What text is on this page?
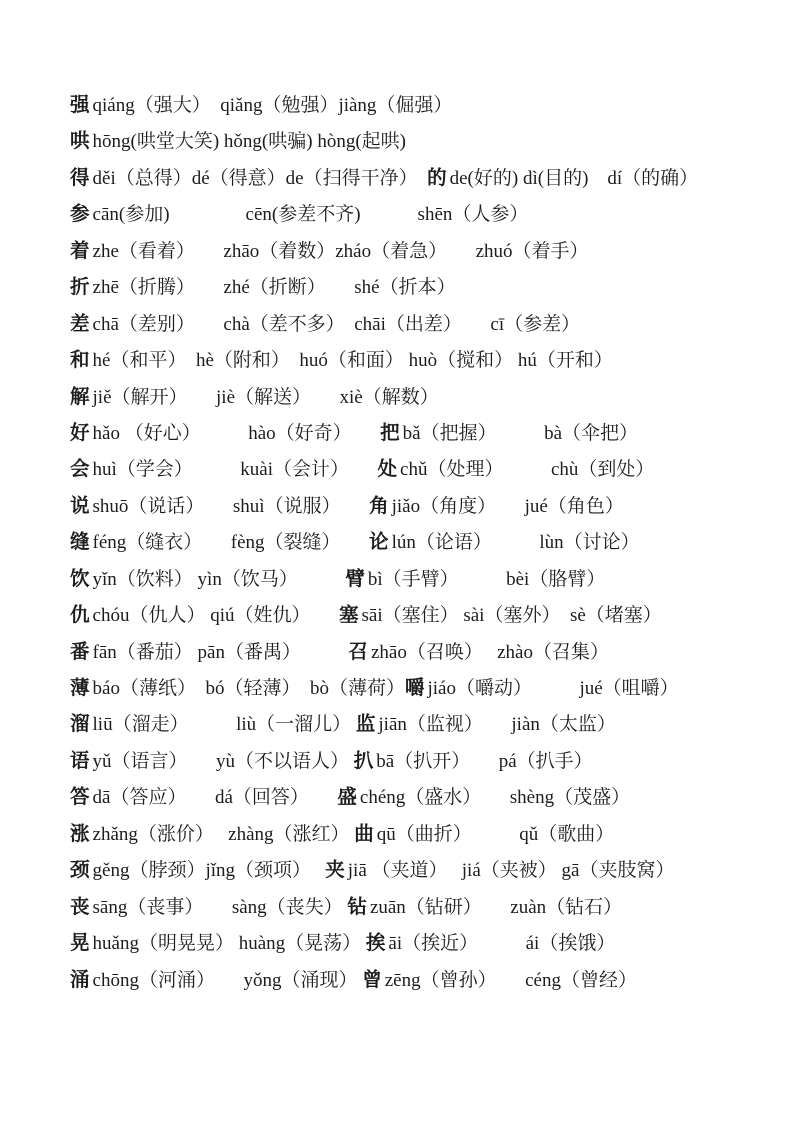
强 qiáng（强大）　qiǎng（勉强）jiàng（倔强）
哄 hōng(哄堂大笑) hǒng(哄骗) hòng(起哄)
得 děi（总得）dé（得意）de（扫得干净）　的 de(好的) dì(目的)　dí（的确）
参 cān(参加)　　　　cēn(参差不齐)　　　shēn（人参）
着 zhe（看着）　　zhāo（着数）zháo（着急）　　zhuó（着手）
折 zhē（折腾）　　zhé（折断）　　shé（折本）
差 chā（差别）　　chà（差不多）　chāi（出差）　　cī（参差）
和 hé（和平）　hè（附和）　huó（和面） huò（搅和） hú（开和）
解 jiě（解开）　　jiè（解送）　　xiè（解数）
好 hǎo （好心）　　　hào（好奇）　　把 bǎ（把握）　　　bà（伞把）
会 huì（学会）　　　kuài（会计）　　处 chǔ（处理）　　　chù（到处）
说 shuō（说话）　　shuì（说服）　　角 jiǎo（角度）　　jué（角色）
缝 féng（缝衣）　　fèng（裂缝）　　论 lún（论语）　　　lùn（讨论）
饮 yǐn（饮料） yìn（饮马）　　　臂 bì（手臂）　　　bèi（胳臂）
仇 chóu（仇人） qiú（姓仇）　　塞 sāi（塞住） sài（塞外）　sè（堵塞）
番 fān（番茄） pān（番禺）　　　召 zhāo（召唤）　 zhào（召集）
薄 báo（薄纸）　bó（轻薄）　bò（薄荷）嚼 jiáo（嚼动）　　　jué（咀嚼）
溜 liū（溜走）　　　liù（一溜儿） 监 jiān（监视）　　jiàn（太监）
语 yǔ（语言）　　yù（不以语人） 扒 bā（扒开）　　pá（扒手）
答 dā（答应）　　dá（回答）　　盛 chéng（盛水）　　shèng（茂盛）
涨 zhǎng（涨价）　 zhàng（涨红） 曲 qū（曲折）　　　qǔ（歌曲）
颈 gěng（脖颈）jǐng（颈项）　 夹 jiā （夹道）　 jiá（夹被） gā（夹肢窝）
丧 sāng（丧事）　　sàng（丧失） 钻 zuān（钻研）　　zuàn（钻石）
晃 huǎng（明晃晃） huàng（晃荡） 挨 āi（挨近）　　　ái（挨饿）
涌 chōng（河涌）　　yǒng（涌现） 曾 zēng（曾孙）　　céng（曾经）
